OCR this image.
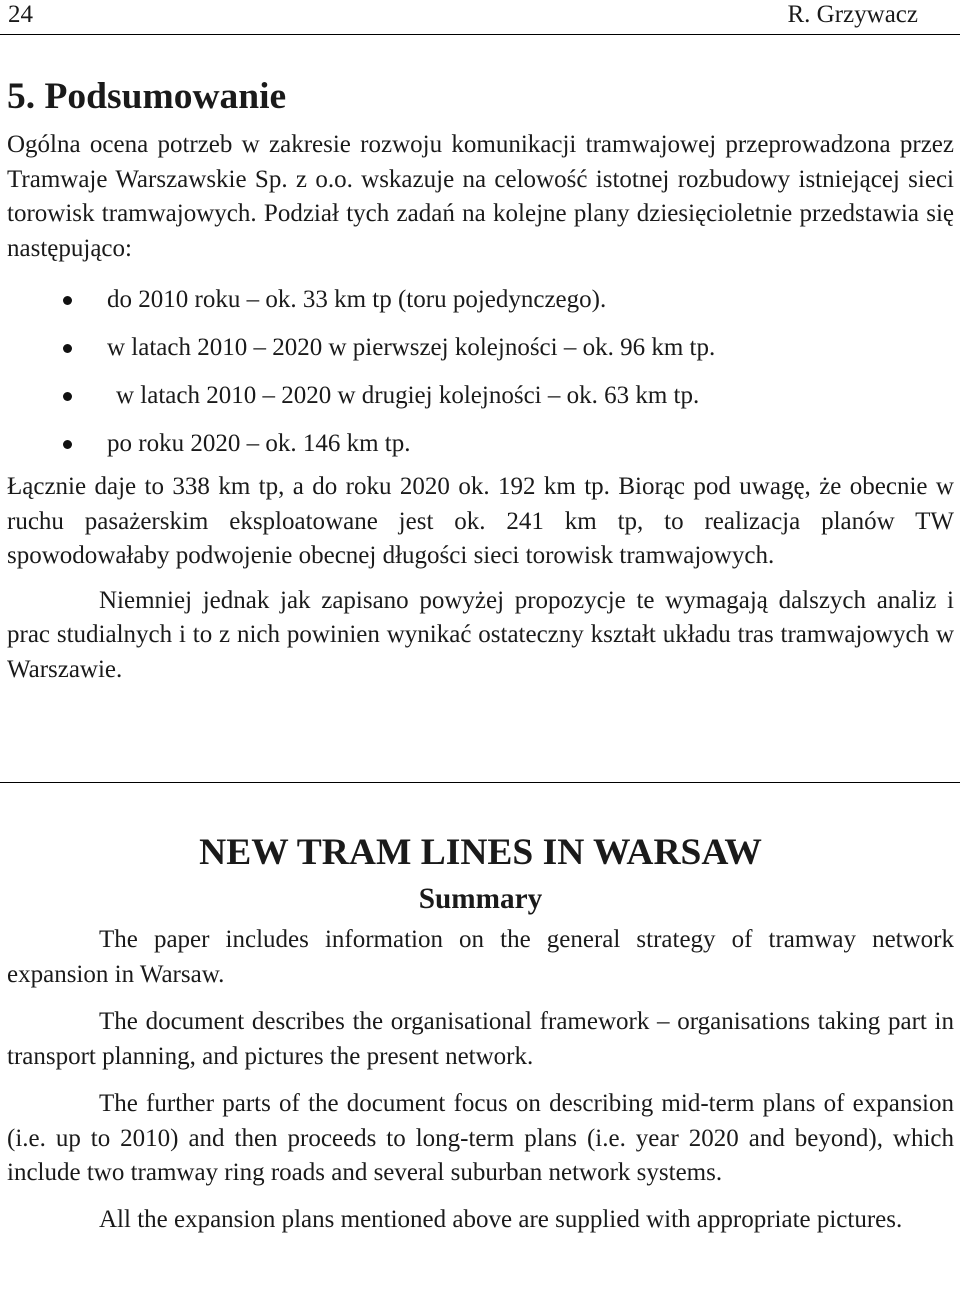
24	R. Grzywacz
5. Podsumowanie

Ogólna ocena potrzeb w zakresie rozwoju komunikacji tramwajowej przeprowadzona przez Tramwaje Warszawskie Sp. z o.o. wskazuje na celowość istotnej rozbudowy istniejącej sieci torowisk tramwajowych. Podział tych zadań na kolejne plany dziesięcioletnie przedstawia się następująco:

do 2010 roku – ok. 33 km tp (toru pojedynczego).
w latach 2010 – 2020 w pierwszej kolejności – ok. 96 km tp.
w latach 2010 – 2020 w drugiej kolejności – ok. 63 km tp.
po roku 2020 – ok. 146 km tp.

Łącznie daje to 338 km tp, a do roku 2020 ok. 192 km tp. Biorąc pod uwagę, że obecnie w ruchu pasażerskim eksploatowane jest ok. 241 km tp, to realizacja planów TW spowodowałaby podwojenie obecnej długości sieci torowisk tramwajowych.

Niemniej jednak jak zapisano powyżej propozycje te wymagają dalszych analiz i prac studialnych i to z nich powinien wynikać ostateczny kształt układu tras tramwajowych w Warszawie.

NEW TRAM LINES IN WARSAW
Summary

The paper includes information on the general strategy of tramway network expansion in Warsaw.

The document describes the organisational framework – organisations taking part in transport planning, and pictures the present network.

The further parts of the document focus on describing mid-term plans of expansion (i.e. up to 2010) and then proceeds to long-term plans (i.e. year 2020 and beyond), which include two tramway ring roads and several suburban network systems.

All the expansion plans mentioned above are supplied with appropriate pictures.
